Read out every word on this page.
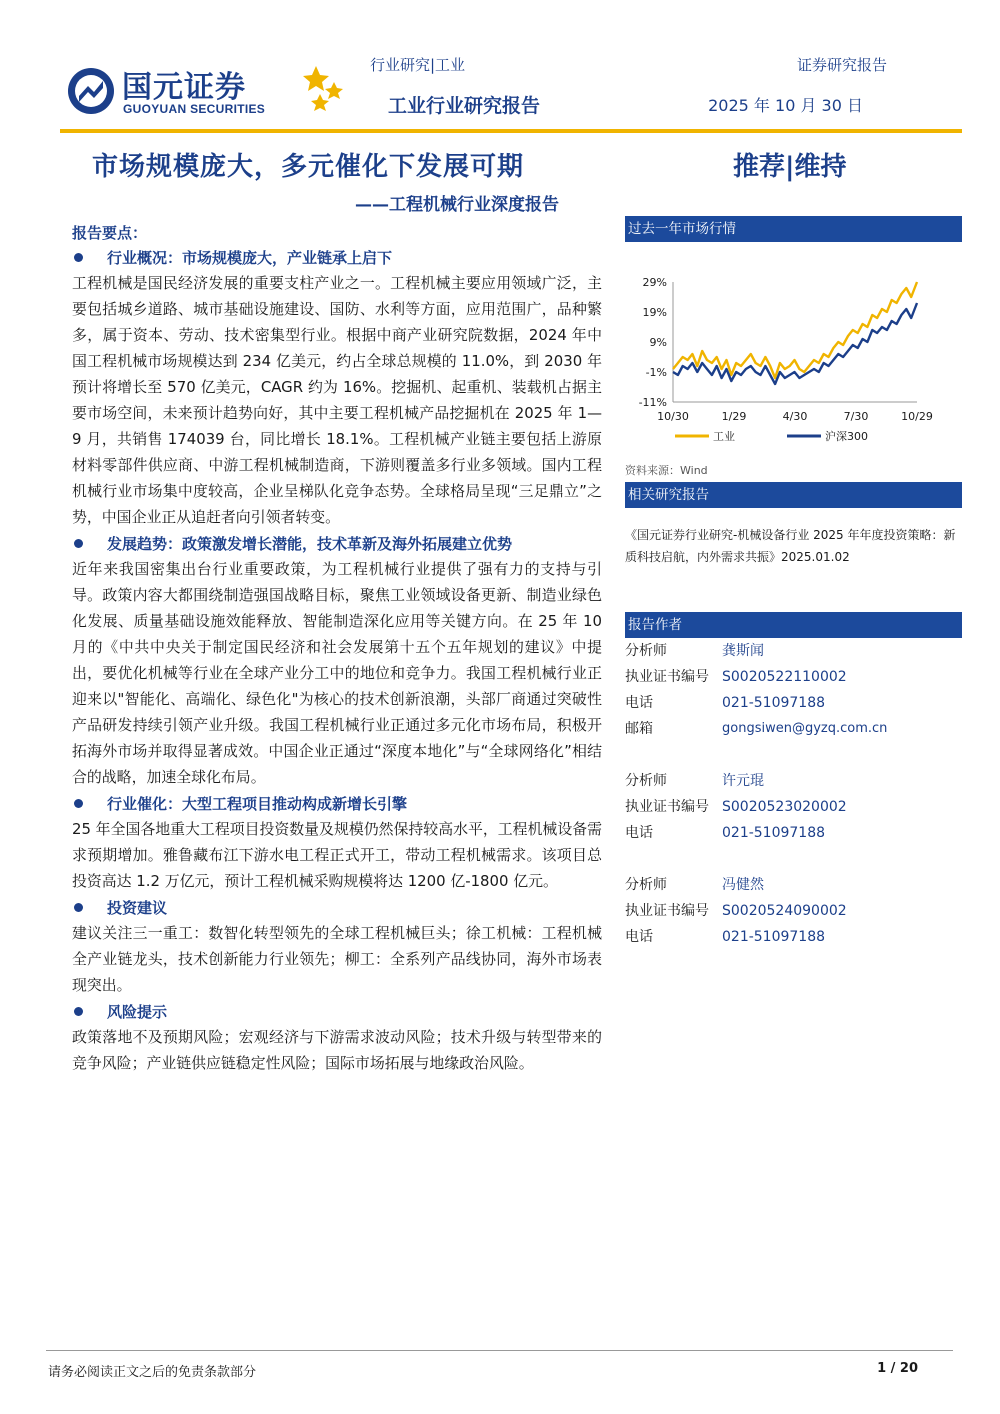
国元证券
GUOYUAN SECURITIES
行业研究|工业	证券研究报告
工业行业研究报告	2025 年 10 月 30 日
市场规模庞大，多元催化下发展可期	推荐|维持
——工程机械行业深度报告
报告要点：
行业概况：市场规模庞大，产业链承上启下

工程机械是国民经济发展的重要支柱产业之一。工程机械主要应用领域广泛，主要包括城乡道路、城市基础设施建设、国防、水利等方面，应用范围广，品种繁多，属于资本、劳动、技术密集型行业。根据中商产业研究院数据，2024 年中国工程机械市场规模达到 234 亿美元，约占全球总规模的 11.0%，到 2030 年预计将增长至 570 亿美元，CAGR 约为 16%。挖掘机、起重机、装载机占据主要市场空间，未来预计趋势向好，其中主要工程机械产品挖掘机在 2025 年 1—9 月，共销售 174039 台，同比增长 18.1%。工程机械产业链主要包括上游原材料零部件供应商、中游工程机械制造商，下游则覆盖多行业多领域。国内工程机械行业市场集中度较高，企业呈梯队化竞争态势。全球格局呈现“三足鼎立”之势，中国企业正从追赶者向引领者转变。

发展趋势：政策激发增长潜能，技术革新及海外拓展建立优势

近年来我国密集出台行业重要政策，为工程机械行业提供了强有力的支持与引导。政策内容大都围绕制造强国战略目标，聚焦工业领域设备更新、制造业绿色化发展、质量基础设施效能释放、智能制造深化应用等关键方向。在 25 年 10 月的《中共中央关于制定国民经济和社会发展第十五个五年规划的建议》中提出，要优化机械等行业在全球产业分工中的地位和竞争力。我国工程机械行业正迎来以"智能化、高端化、绿色化"为核心的技术创新浪潮，头部厂商通过突破性产品研发持续引领产业升级。我国工程机械行业正通过多元化市场布局，积极开拓海外市场并取得显著成效。中国企业正通过“深度本地化”与“全球网络化”相结合的战略，加速全球化布局。

行业催化：大型工程项目推动构成新增长引擎

25 年全国各地重大工程项目投资数量及规模仍然保持较高水平，工程机械设备需求预期增加。雅鲁藏布江下游水电工程正式开工，带动工程机械需求。该项目总投资高达 1.2 万亿元，预计工程机械采购规模将达 1200 亿-1800 亿元。

投资建议

建议关注三一重工：数智化转型领先的全球工程机械巨头；徐工机械：工程机械全产业链龙头，技术创新能力行业领先；柳工：全系列产品线协同，海外市场表现突出。

风险提示

政策落地不及预期风险；宏观经济与下游需求波动风险；技术升级与转型带来的竞争风险；产业链供应链稳定性风险；国际市场拓展与地缘政治风险。

过去一年市场行情
29%
19%
9%
-1%
-11%
10/30	1/29	4/30	7/30	10/29
工业	沪深300
资料来源：Wind
相关研究报告
《国元证券行业研究-机械设备行业 2025 年年度投资策略：新质科技启航，内外需求共振》2025.01.02
报告作者
分析师	龚斯闻
执业证书编号 S0020522110002
电话	021-51097188
邮箱	gongsiwen@gyzq.com.cn
分析师	许元琨
执业证书编号 S0020523020002
电话	021-51097188
分析师	冯健然
执业证书编号 S0020524090002
电话	021-51097188
请务必阅读正文之后的免责条款部分	1 / 20
